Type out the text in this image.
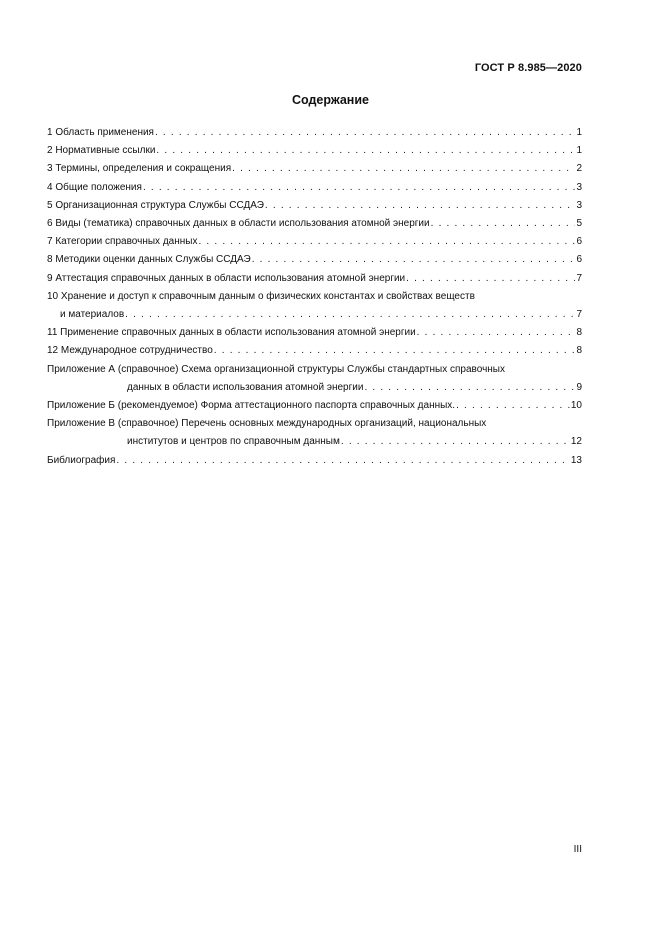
ГОСТ Р 8.985—2020
Содержание
1 Область применения . . .	1
2 Нормативные ссылки . . .	1
3 Термины, определения и сокращения . . .	2
4 Общие положения . . .	3
5 Организационная структура Службы ССДАЭ . . .	3
6 Виды (тематика) справочных данных в области использования атомной энергии . . .	5
7 Категории справочных данных . . .	6
8 Методики оценки данных Службы ССДАЭ . . .	6
9 Аттестация справочных данных в области использования атомной энергии . . .	7
10 Хранение и доступ к справочным данным о физических константах и свойствах веществ
и материалов . . .	7
11 Применение справочных данных в области использования атомной энергии . . .	8
12 Международное сотрудничество . . .	8
Приложение А (справочное) Схема организационной структуры Службы стандартных справочных
данных в области использования атомной энергии . . .	9
Приложение Б (рекомендуемое) Форма аттестационного паспорта справочных данных. . . .	10
Приложение В (справочное) Перечень основных международных организаций, национальных
институтов и центров по справочным данным . . .	12
Библиография . . .	13
III
